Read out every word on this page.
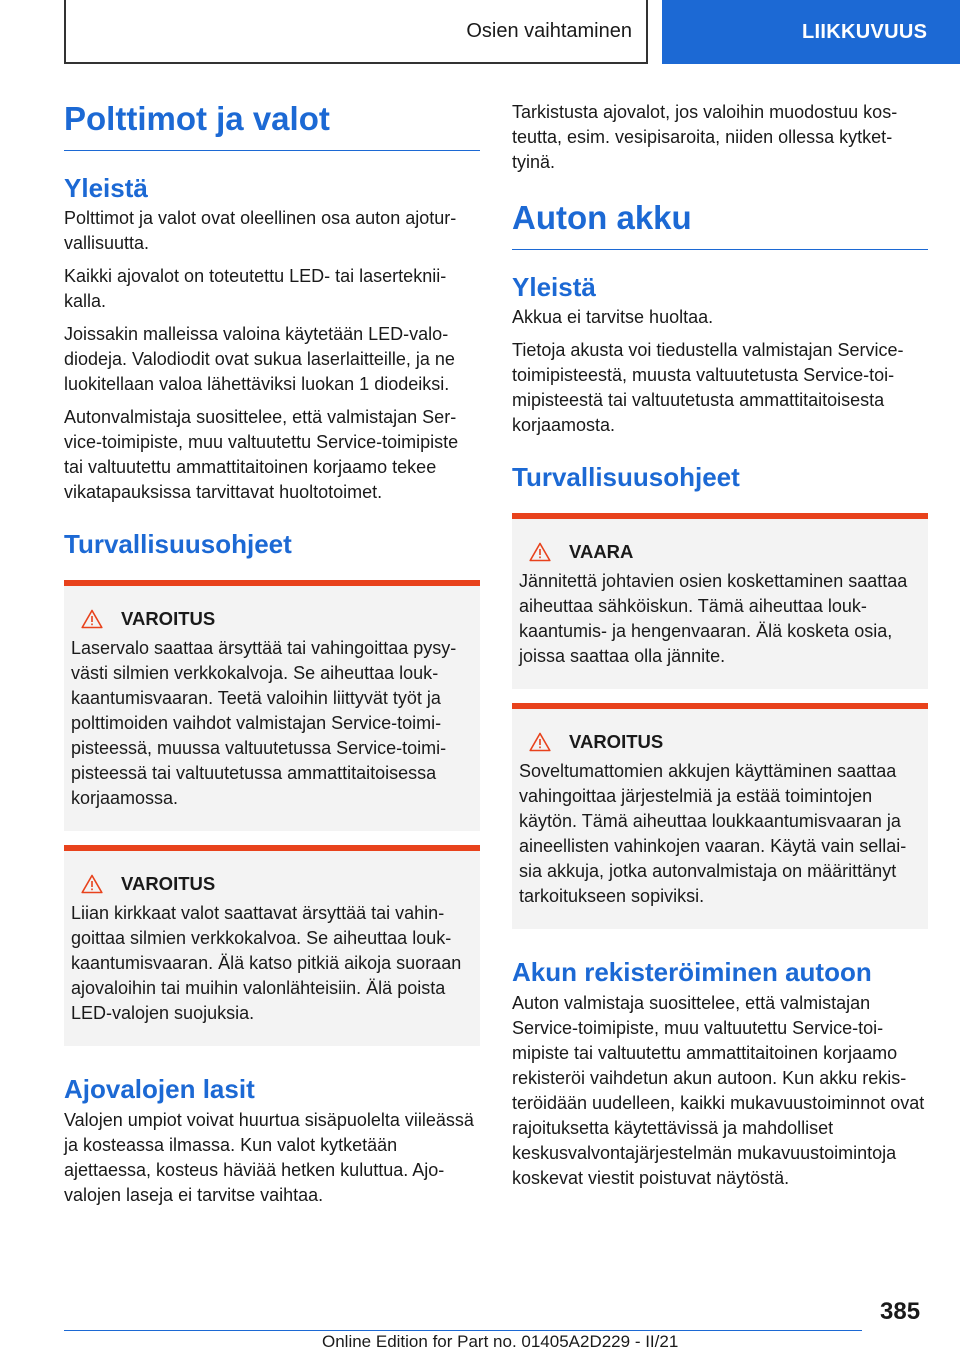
Osien vaihtaminen	LIIKKUVUUS
Polttimot ja valot
Yleistä

Polttimot ja valot ovat oleellinen osa auton ajoturvallisuutta.

Kaikki ajovalot on toteutettu LED- tai lasertekniikalla.

Joissakin malleissa valoina käytetään LED-valodiodeja. Valodiodit ovat sukua laserlaitteille, ja ne luokitellaan valoa lähettäviksi luokan 1 diodeiksi.

Autonvalmistaja suosittelee, että valmistajan Service-toimipiste, muu valtuutettu Service-toimipiste tai valtuutettu ammattitaitoinen korjaamo tekee vikatapauksissa tarvittavat huoltotoimet.

Turvallisuusohjeet
VAROITUS

Laservalo saattaa ärsyttää tai vahingoittaa pysyvästi silmien verkkokalvoja. Se aiheuttaa loukkaantumisvaaran. Teetä valoihin liittyvät työt ja polttimoiden vaihdot valmistajan Service-toimipisteessä, muussa valtuutetussa Service-toimipisteessä tai valtuutetussa ammattitaitoisessa korjaamossa.

VAROITUS

Liian kirkkaat valot saattavat ärsyttää tai vahingoittaa silmien verkkokalvoa. Se aiheuttaa loukkaantumisvaaran. Älä katso pitkiä aikoja suoraan ajovaloihin tai muihin valonlähteisiin. Älä poista LED-valojen suojuksia.

Ajovalojen lasit

Valojen umpiot voivat huurtua sisäpuolelta viileässä ja kosteassa ilmassa. Kun valot kytketään ajettaessa, kosteus häviää hetken kuluttua. Ajovalojen laseja ei tarvitse vaihtaa.

Tarkistusta ajovalot, jos valoihin muodostuu kosteutta, esim. vesipisaroita, niiden ollessa kytkettyinä.

Auton akku
Yleistä

Akkua ei tarvitse huoltaa.

Tietoja akusta voi tiedustella valmistajan Service-toimipisteestä, muusta valtuutetusta Service-toimipisteestä tai valtuutetusta ammattitaitoisesta korjaamosta.

Turvallisuusohjeet
VAARA

Jännitettä johtavien osien koskettaminen saattaa aiheuttaa sähköiskun. Tämä aiheuttaa loukkaantumis- ja hengenvaaran. Älä kosketa osia, joissa saattaa olla jännite.

VAROITUS

Soveltumattomien akkujen käyttäminen saattaa vahingoittaa järjestelmiä ja estää toimintojen käytön. Tämä aiheuttaa loukkaantumisvaaran ja aineellisten vahinkojen vaaran. Käytä vain sellaisia akkuja, jotka autonvalmistaja on määrittänyt tarkoitukseen sopiviksi.

Akun rekisteröiminen autoon

Auton valmistaja suosittelee, että valmistajan Service-toimipiste, muu valtuutettu Service-toimipiste tai valtuutettu ammattitaitoinen korjaamo rekisteröi vaihdetun akun autoon. Kun akku rekisteröidään uudelleen, kaikki mukavuustoiminnot ovat rajoituksetta käytettävissä ja mahdolliset keskusvalvontajärjestelmän mukavuustoimintoja koskevat viestit poistuvat näytöstä.

385
Online Edition for Part no. 01405A2D229 - II/21
